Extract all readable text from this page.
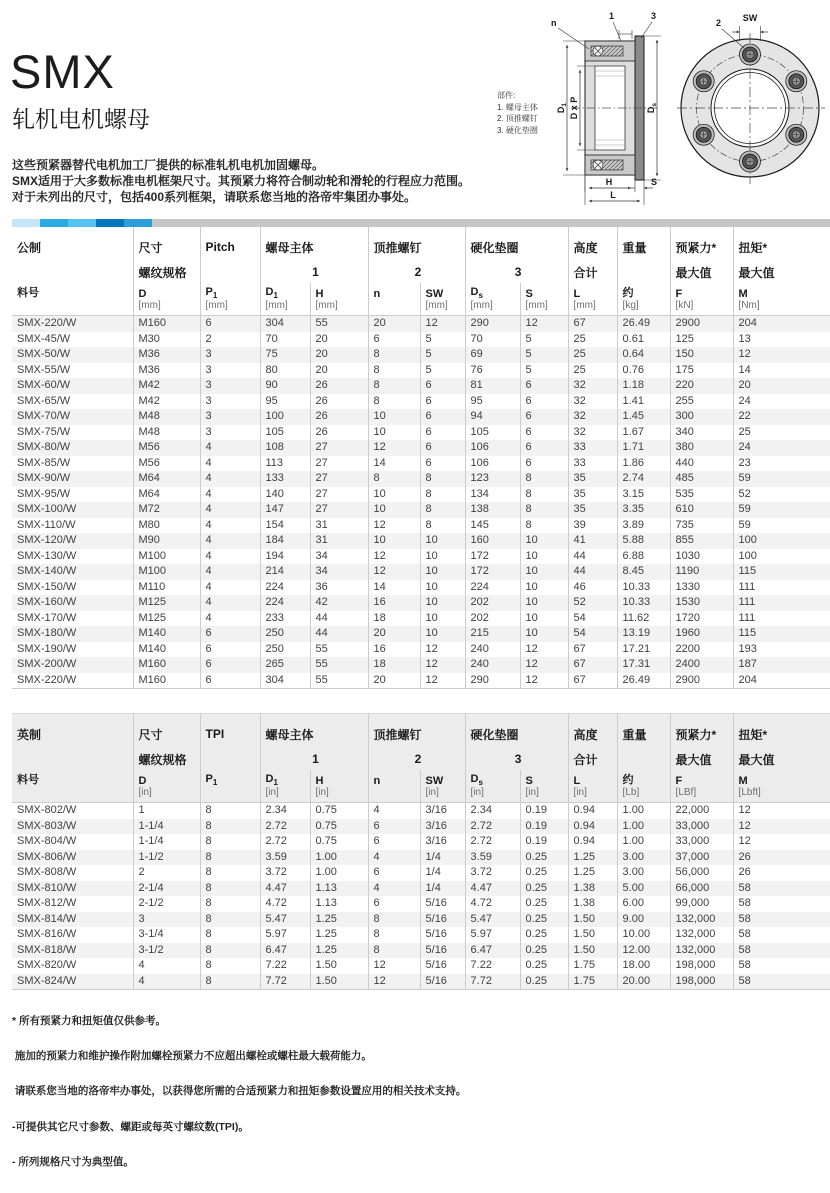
SMX
轧机电机螺母
这些预紧器替代电机加工厂提供的标准轧机电机加固螺母。
SMX适用于大多数标准电机框架尺寸。其预紧力将符合制动轮和滑轮的行程应力范围。
对于未列出的尺寸，包括400系列框架，请联系您当地的洛帝牢集团办事处。
部件:
1. 螺母主体
2. 顶推螺钉
3. 硬化垫圈
$D_1$ D x P	$D_s$
H	S
L
n
1	3
2 SW
公制	尺寸	Pitch	螺母主体		顶推螺钉		硬化垫圈		高度	重量	预紧力*	扭矩*
	螺纹规格		1		2		3		合计		最大值	最大值
料号	D	$P_1$	$D_1$	H	n	SW	$D_s$	S	L	约	F	M
	[mm]	[mm]	[mm]	[mm]		[mm]	[mm]	[mm]	[mm]	[kg]	[kN]	[Nm]
SMX-220/W	M160	6	304	55	20	12	290	12	67	26.49	2900	204
SMX-45/W	M30	2	70	20	6	5	70	5	25	0.61	125	13
SMX-50/W	M36	3	75	20	8	5	69	5	25	0.64	150	12
SMX-55/W	M36	3	80	20	8	5	76	5	25	0.76	175	14
SMX-60/W	M42	3	90	26	8	6	81	6	32	1.18	220	20
SMX-65/W	M42	3	95	26	8	6	95	6	32	1.41	255	24
SMX-70/W	M48	3	100	26	10	6	94	6	32	1.45	300	22
SMX-75/W	M48	3	105	26	10	6	105	6	32	1.67	340	25
SMX-80/W	M56	4	108	27	12	6	106	6	33	1.71	380	24
SMX-85/W	M56	4	113	27	14	6	106	6	33	1.86	440	23
SMX-90/W	M64	4	133	27	8	8	123	8	35	2.74	485	59
SMX-95/W	M64	4	140	27	10	8	134	8	35	3.15	535	52
SMX-100/W	M72	4	147	27	10	8	138	8	35	3.35	610	59
SMX-110/W	M80	4	154	31	12	8	145	8	39	3.89	735	59
SMX-120/W	M90	4	184	31	10	10	160	10	41	5.88	855	100
SMX-130/W	M100	4	194	34	12	10	172	10	44	6.88	1030	100
SMX-140/W	M100	4	214	34	12	10	172	10	44	8.45	1190	115
SMX-150/W	M110	4	224	36	14	10	224	10	46	10.33	1330	111
SMX-160/W	M125	4	224	42	16	10	202	10	52	10.33	1530	111
SMX-170/W	M125	4	233	44	18	10	202	10	54	11.62	1720	111
SMX-180/W	M140	6	250	44	20	10	215	10	54	13.19	1960	115
SMX-190/W	M140	6	250	55	16	12	240	12	67	17.21	2200	193
SMX-200/W	M160	6	265	55	18	12	240	12	67	17.31	2400	187
SMX-220/W	M160	6	304	55	20	12	290	12	67	26.49	2900	204
英制	尺寸	TPI	螺母主体		顶推螺钉		硬化垫圈		高度	重量	预紧力*	扭矩*
	螺纹规格		1		2		3		合计		最大值	最大值
料号	D	$P_1$	$D_1$	H	n	SW	$D_s$	S	L	约	F	M
	[in]		[in]	[in]		[in]	[in]	[in]	[in]	[Lb]	[LBf]	[Lbft]
SMX-802/W	1	8	2.34	0.75	4	3/16	2.34	0.19	0.94	1.00	22,000	12
SMX-803/W	1-1/4	8	2.72	0.75	6	3/16	2.72	0.19	0.94	1.00	33,000	12
SMX-804/W	1-1/4	8	2.72	0.75	6	3/16	2.72	0.19	0.94	1.00	33,000	12
SMX-806/W	1-1/2	8	3.59	1.00	4	1/4	3.59	0.25	1.25	3.00	37,000	26
SMX-808/W	2	8	3.72	1.00	6	1/4	3.72	0.25	1.25	3.00	56,000	26
SMX-810/W	2-1/4	8	4.47	1.13	4	1/4	4.47	0.25	1.38	5.00	66,000	58
SMX-812/W	2-1/2	8	4.72	1.13	6	5/16	4.72	0.25	1.38	6.00	99,000	58
SMX-814/W	3	8	5.47	1.25	8	5/16	5.47	0.25	1.50	9.00	132,000	58
SMX-816/W	3-1/4	8	5.97	1.25	8	5/16	5.97	0.25	1.50	10.00	132,000	58
SMX-818/W	3-1/2	8	6.47	1.25	8	5/16	6.47	0.25	1.50	12.00	132,000	58
SMX-820/W	4	8	7.22	1.50	12	5/16	7.22	0.25	1.75	18.00	198,000	58
SMX-824/W	4	8	7.72	1.50	12	5/16	7.72	0.25	1.75	20.00	198,000	58

* 所有预紧力和扭矩值仅供参考。

施加的预紧力和维护操作附加螺栓预紧力不应超出螺栓或螺柱最大载荷能力。

请联系您当地的洛帝牢办事处，以获得您所需的合适预紧力和扭矩参数设置应用的相关技术支持。

-可提供其它尺寸参数、螺距或每英寸螺纹数(TPI)。

- 所列规格尺寸为典型值。
